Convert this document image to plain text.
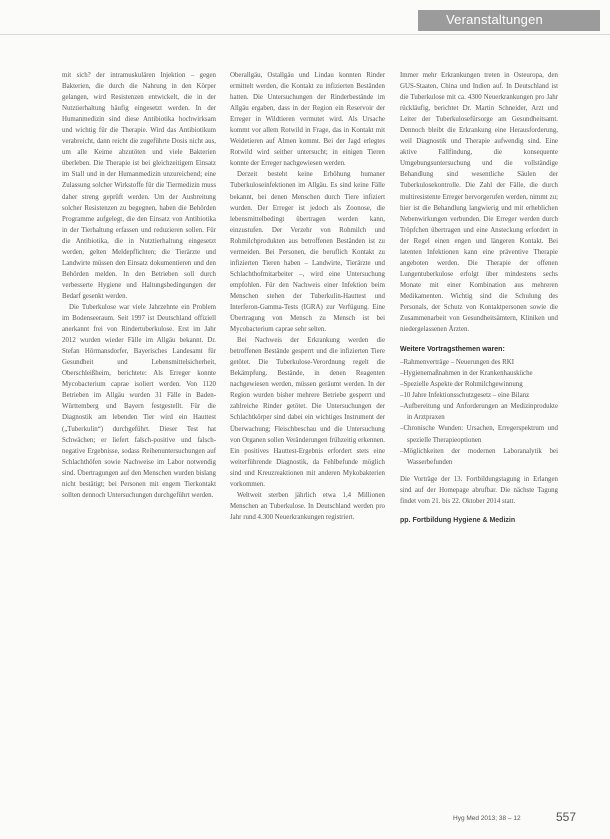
Veranstaltungen

mit sich? der intramuskulären Injektion – gegen Bakterien, die durch die Nahrung in den Körper gelangen, wird Resistenzen entwickelt, die in der Nutztierhaltung häufig eingesetzt werden. In der Humanmedizin sind diese Antibiotika hochwirksam und wichtig für die Therapie. Wird das Antibiotikum verabreicht, dann reicht die zugeführte Dosis nicht aus, um alle Keime abzutöten und viele Bakterien überleben. Die Therapie ist bei gleichzeitigem Einsatz im Stall und in der Humanmedizin unzureichend; eine Zulassung solcher Wirkstoffe für die Tiermedizin muss daher streng geprüft werden. Um der Ausbreitung solcher Resistenzen zu begegnen, haben die Behörden Programme aufgelegt, die den Einsatz von Antibiotika in der Tierhaltung erfassen und reduzieren sollen. Für die Antibiotika, die in Nutztierhaltung eingesetzt werden, gelten Meldepflichten; die Tierärzte und Landwirte müssen den Einsatz dokumentieren und den Behörden melden. In den Betrieben soll durch verbesserte Hygiene und Haltungsbedingungen der Bedarf gesenkt werden.

Die Tuberkulose war viele Jahrzehnte ein Problem im Bodenseeraum. Seit 1997 ist Deutschland offiziell anerkannt frei von Rindertuberkulose. Erst im Jahr 2012 wurden wieder Fälle im Allgäu bekannt. Dr. Stefan Hörmansdorfer, Bayerisches Landesamt für Gesundheit und Lebensmittelsicherheit, Oberschleißheim, berichtete: Als Erreger konnte Mycobacterium caprae isoliert werden. Von 1120 Betrieben im Allgäu wurden 31 Fälle in Baden-Württemberg und Bayern festgestellt. Für die Diagnostik am lebenden Tier wird ein Hauttest („Tuberkulin“) durchgeführt. Dieser Test hat Schwächen; er liefert falsch-positive und falsch-negative Ergebnisse, sodass Reihenuntersuchungen auf Schlachthöfen sowie Nachweise im Labor notwendig sind. Übertragungen auf den Menschen wurden bislang nicht bestätigt; bei Personen mit engem Tierkontakt sollten dennoch Untersuchungen durchgeführt werden.

Oberallgäu, Ostallgäu und Lindau konnten Rinder ermittelt werden, die Kontakt zu infizierten Beständen hatten. Die Untersuchungen der Rinderbestände im Allgäu ergaben, dass in der Region ein Reservoir der Erreger in Wildtieren vermutet wird. Als Ursache kommt vor allem Rotwild in Frage, das in Kontakt mit Weidetieren auf Almen kommt. Bei der Jagd erlegtes Rotwild wird seither untersucht; in einigen Tieren konnte der Erreger nachgewiesen werden.

Derzeit besteht keine Erhöhung humaner Tuberkuloseinfektionen im Allgäu. Es sind keine Fälle bekannt, bei denen Menschen durch Tiere infiziert wurden. Der Erreger ist jedoch als Zoonose, die lebensmittelbedingt übertragen werden kann, einzustufen. Der Verzehr von Rohmilch und Rohmilchprodukten aus betroffenen Beständen ist zu vermeiden. Bei Personen, die beruflich Kontakt zu infizierten Tieren haben – Landwirte, Tierärzte und Schlachthofmitarbeiter –, wird eine Untersuchung empfohlen. Für den Nachweis einer Infektion beim Menschen stehen der Tuberkulin-Hauttest und Interferon-Gamma-Tests (IGRA) zur Verfügung. Eine Übertragung von Mensch zu Mensch ist bei Mycobacterium caprae sehr selten.

Bei Nachweis der Erkrankung werden die betroffenen Bestände gesperrt und die infizierten Tiere getötet. Die Tuberkulose-Verordnung regelt die Bekämpfung. Bestände, in denen Reagenten nachgewiesen werden, müssen geräumt werden. In der Region wurden bisher mehrere Betriebe gesperrt und zahlreiche Rinder getötet. Die Untersuchungen der Schlachtkörper sind dabei ein wichtiges Instrument der Überwachung; Fleischbeschau und die Untersuchung von Organen sollen Veränderungen frühzeitig erkennen. Ein positives Hauttest-Ergebnis erfordert stets eine weiterführende Diagnostik, da Fehlbefunde möglich sind und Kreuzreaktionen mit anderen Mykobakterien vorkommen.

Weltweit sterben jährlich etwa 1,4 Millionen Menschen an Tuberkulose. In Deutschland werden pro Jahr rund 4.300 Neuerkrankungen registriert.

Immer mehr Erkrankungen treten in Osteuropa, den GUS-Staaten, China und Indien auf. In Deutschland ist die Tuberkulose mit ca. 4300 Neuerkrankungen pro Jahr rückläufig, berichtet Dr. Martin Schneider, Arzt und Leiter der Tuberkulosefürsorge am Gesundheitsamt. Dennoch bleibt die Erkrankung eine Herausforderung, weil Diagnostik und Therapie aufwendig sind. Eine aktive Fallfindung, die konsequente Umgebungsuntersuchung und die vollständige Behandlung sind wesentliche Säulen der Tuberkulosekontrolle. Die Zahl der Fälle, die durch multiresistente Erreger hervorgerufen werden, nimmt zu; hier ist die Behandlung langwierig und mit erheblichen Nebenwirkungen verbunden. Die Erreger werden durch Tröpfchen übertragen und eine Ansteckung erfordert in der Regel einen engen und längeren Kontakt. Bei latenten Infektionen kann eine präventive Therapie angeboten werden. Die Therapie der offenen Lungentuberkulose erfolgt über mindestens sechs Monate mit einer Kombination aus mehreren Medikamenten. Wichtig sind die Schulung des Personals, der Schutz von Kontaktpersonen sowie die Zusammenarbeit von Gesundheitsämtern, Kliniken und niedergelassenen Ärzten.

Weitere Vortragsthemen waren:

– Rahmenverträge – Neuerungen des RKI
– Hygienemaßnahmen in der Krankenhausküche
– Spezielle Aspekte der Rohmilchgewinnung
– 10 Jahre Infektionsschutzgesetz – eine Bilanz
– Aufbereitung und Anforderungen an Medizinprodukte in Arztpraxen
– Chronische Wunden: Ursachen, Erregerspektrum und spezielle Therapieoptionen
– Möglichkeiten der modernen Laboranalytik bei Wasserbefunden

Die Vorträge der 13. Fortbildungstagung in Erlangen sind auf der Homepage abrufbar. Die nächste Tagung findet vom 21. bis 22. Oktober 2014 statt.

pp. Fortbildung Hygiene & Medizin

Hyg Med 2013; 38 – 12	557
